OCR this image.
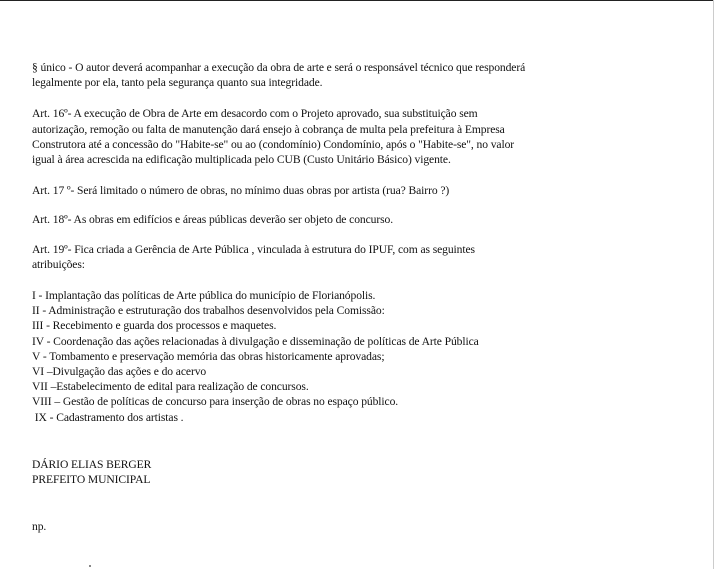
§ único - O autor deverá acompanhar a execução da obra de arte e será o responsável técnico que responderá
legalmente por ela, tanto pela segurança quanto sua integridade.
Art. 16º- A execução de Obra de Arte em desacordo com o Projeto aprovado, sua substituição sem
autorização, remoção ou falta de manutenção dará ensejo à cobrança de multa pela prefeitura à Empresa
Construtora até a concessão do "Habite-se" ou ao (condomínio) Condomínio, após o "Habite-se", no valor
igual à área acrescida na edificação multiplicada pelo CUB (Custo Unitário Básico) vigente.
Art. 17 º- Será limitado o número de obras, no mínimo duas obras por artista (rua? Bairro ?)
Art. 18º- As obras em edifícios e áreas públicas deverão ser objeto de concurso.
Art. 19º- Fica criada a Gerência de Arte Pública , vinculada à estrutura do IPUF, com as seguintes
atribuições:
I - Implantação das políticas de Arte pública do município de Florianópolis.
II - Administração e estruturação dos trabalhos desenvolvidos pela Comissão:
III - Recebimento e guarda dos processos e maquetes.
IV - Coordenação das ações relacionadas à divulgação e disseminação de políticas de Arte Pública
V - Tombamento e preservação memória das obras historicamente aprovadas;
VI –Divulgação das ações e do acervo
VII –Estabelecimento de edital para realização de concursos.
VIII – Gestão de políticas de concurso para inserção de obras no espaço público.
IX - Cadastramento dos artistas .
DÁRIO ELIAS BERGER
PREFEITO MUNICIPAL
np.
